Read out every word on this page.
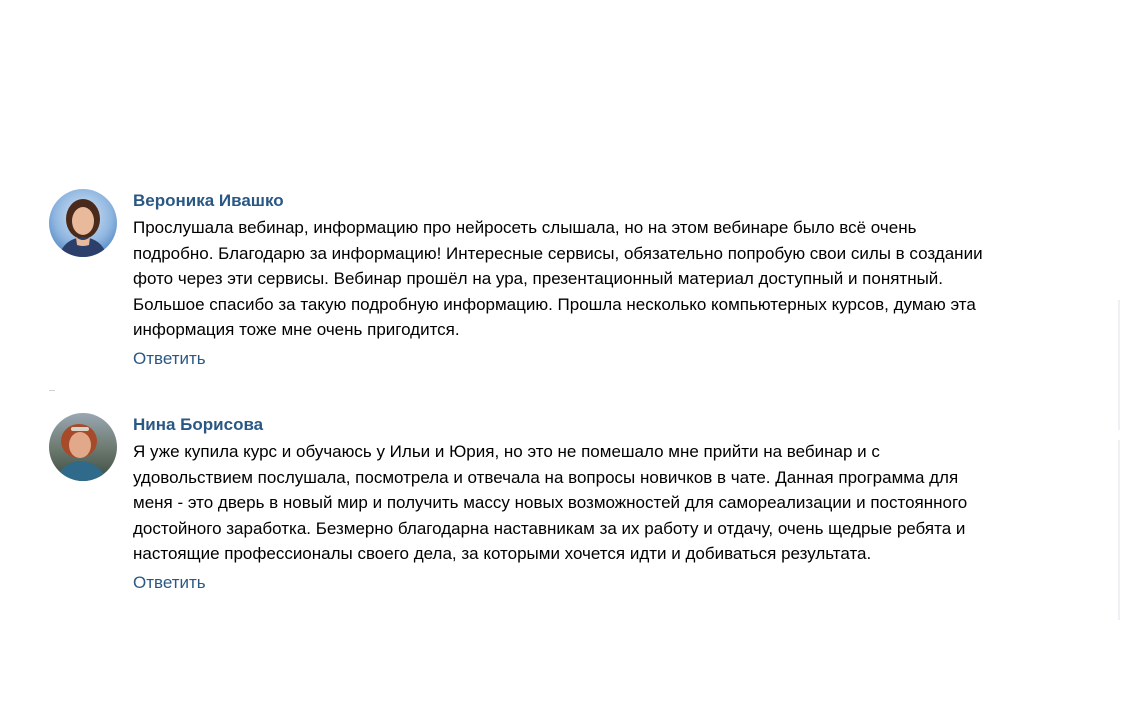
Вероника Ивашко
Прослушала вебинар, информацию про нейросеть слышала, но на этом вебинаре было всё очень
подробно. Благодарю за информацию! Интересные сервисы, обязательно попробую свои силы в создании
фото через эти сервисы. Вебинар прошёл на ура, презентационный материал доступный и понятный.
Большое спасибо за такую подробную информацию. Прошла несколько компьютерных курсов, думаю эта
информация тоже мне очень пригодится.
Ответить
Нина Борисова
Я уже купила курс и обучаюсь у Ильи и Юрия, но это не помешало мне прийти на вебинар и с
удовольствием послушала, посмотрела и отвечала на вопросы новичков в чате. Данная программа для
меня - это дверь в новый мир и получить массу новых возможностей для самореализации и постоянного
достойного заработка. Безмерно благодарна наставникам за их работу и отдачу, очень щедрые ребята и
настоящие профессионалы своего дела, за которыми хочется идти и добиваться результата.
Ответить
